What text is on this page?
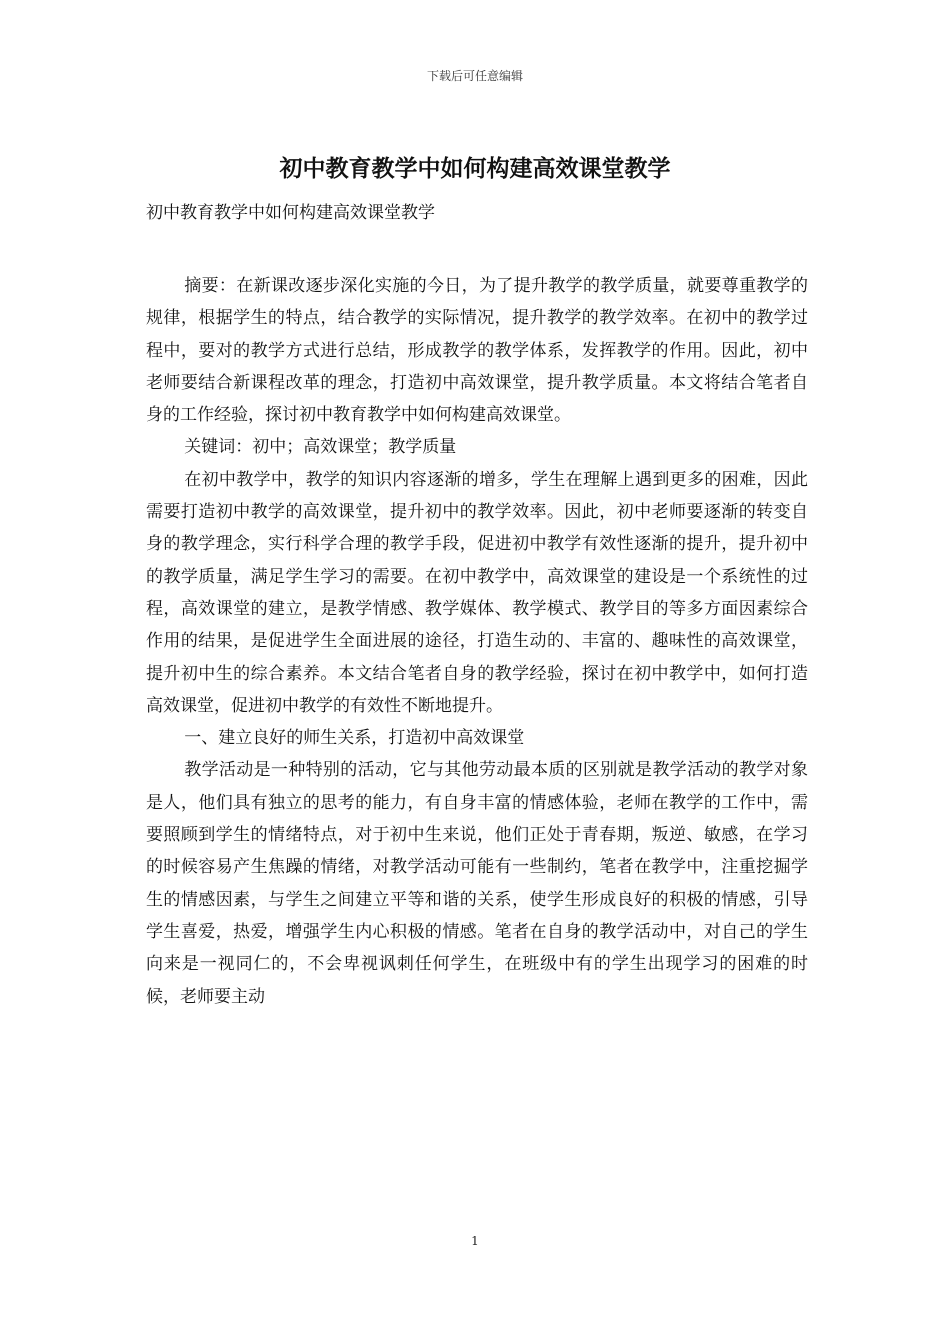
下载后可任意编辑
初中教育教学中如何构建高效课堂教学

初中教育教学中如何构建高效课堂教学

摘要：在新课改逐步深化实施的今日，为了提升教学的教学质量，就要尊重教学的规律，根据学生的特点，结合教学的实际情况，提升教学的教学效率。在初中的教学过程中，要对的教学方式进行总结，形成教学的教学体系，发挥教学的作用。因此，初中老师要结合新课程改革的理念，打造初中高效课堂，提升教学质量。本文将结合笔者自身的工作经验，探讨初中教育教学中如何构建高效课堂。

关键词：初中；高效课堂；教学质量

在初中教学中，教学的知识内容逐渐的增多，学生在理解上遇到更多的困难，因此需要打造初中教学的高效课堂，提升初中的教学效率。因此，初中老师要逐渐的转变自身的教学理念，实行科学合理的教学手段，促进初中教学有效性逐渐的提升，提升初中的教学质量，满足学生学习的需要。在初中教学中，高效课堂的建设是一个系统性的过程，高效课堂的建立，是教学情感、教学媒体、教学模式、教学目的等多方面因素综合作用的结果，是促进学生全面进展的途径，打造生动的、丰富的、趣味性的高效课堂，提升初中生的综合素养。本文结合笔者自身的教学经验，探讨在初中教学中，如何打造高效课堂，促进初中教学的有效性不断地提升。

一、建立良好的师生关系，打造初中高效课堂

教学活动是一种特别的活动，它与其他劳动最本质的区别就是教学活动的教学对象是人，他们具有独立的思考的能力，有自身丰富的情感体验，老师在教学的工作中，需要照顾到学生的情绪特点，对于初中生来说，他们正处于青春期，叛逆、敏感，在学习的时候容易产生焦躁的情绪，对教学活动可能有一些制约，笔者在教学中，注重挖掘学生的情感因素，与学生之间建立平等和谐的关系，使学生形成良好的积极的情感，引导学生喜爱，热爱，增强学生内心积极的情感。笔者在自身的教学活动中，对自己的学生向来是一视同仁的，不会卑视讽刺任何学生，在班级中有的学生出现学习的困难的时候，老师要主动

1
